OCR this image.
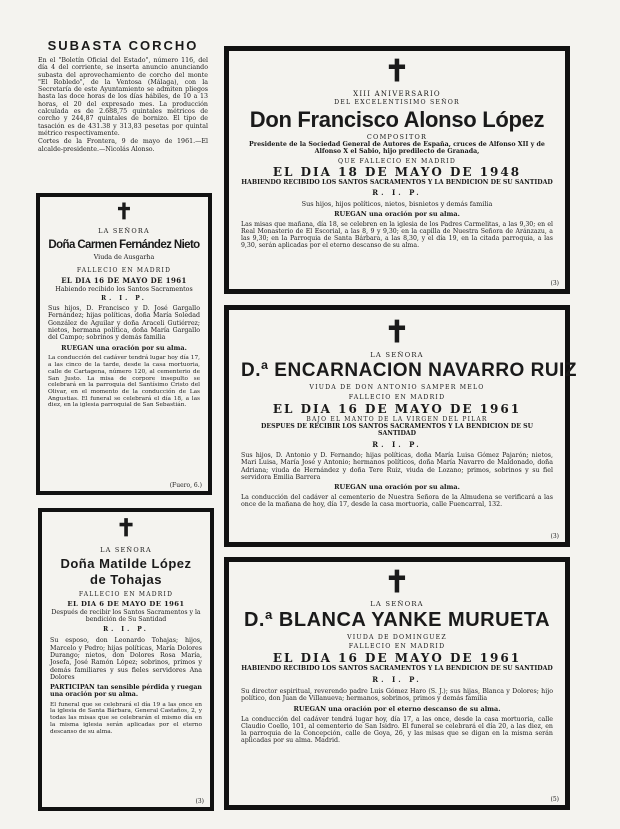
SUBASTA CORCHO
En el "Boletín Oficial del Estado", número 116, del día 4 del corriente, se inserta anuncio anunciando subasta del aprovechamiento de corcho del monte "El Robledo", de la Ventosa (Málaga), con la Secretaría de este Ayuntamiento se admiten pliegos hasta las doce horas de los días hábiles, de 10 a 13 horas, el 20 del expresado mes. La producción calculada es de 2.688,75 quintales métricos de corcho y 244,87 quintales de bornizo. El tipo de tasación es de 431.38 y 313,83 pesetas por quintal métrico respectivamente.
Cortes de la Frontera, 9 de mayo de 1961.—El alcalde-presidente.—Nicolás Alonso.
✝
LA SEÑORA
Doña Carmen Fernández Nieto
Viuda de Ausgarha
FALLECIO EN MADRID
EL DIA 16 DE MAYO DE 1961
Habiendo recibido los Santos Sacramentos
R. I. P.
Sus hijos, D. Francisco y D. José Gargallo Fernández; hijas políticas, doña María Soledad González de Aguilar y doña Araceli Gutiérrez; nietos, hermana política, doña María Gargallo del Campo; sobrinos y demás familia
RUEGAN una oración por su alma.
La conducción del cadáver tendrá lugar hoy día 17, a las cinco de la tarde, desde la casa mortuoria, calle de Cartagena, número 120, al cementerio de San Justo. La misa de corpore insepulto se celebrará en la parroquia del Santísimo Cristo del Olivar, en el momento de la conducción de Las Angustias. El funeral se celebrará el día 18, a las diez, en la iglesia parroquial de San Sebastián.
(Fuero, 6.)
✝
LA SEÑORA
Doña Matilde López
de Tohajas
FALLECIO EN MADRID
EL DIA 6 DE MAYO DE 1961
Después de recibir los Santos Sacramentos y la bendición de Su Santidad
R. I. P.
Su esposo, don Leonardo Tohajas; hijos, Marcelo y Pedro; hijas políticas, María Dolores Durango; nietos, don Dolores Rosa María, Josefa, José Ramón López; sobrinos, primos y demás familiares y sus fieles servidores Ana Dolores
PARTICIPAN tan sensible pérdida y ruegan una oración por su alma.
El funeral que se celebrará el día 19 a las once en la iglesia de Santa Bárbara, General Castaños, 2, y todas las misas que se celebrarán el mismo día en la misma iglesia serán aplicadas por el eterno descanso de su alma.
(3)
✝
XIII ANIVERSARIO
DEL EXCELENTISIMO SEÑOR
Don Francisco Alonso López
COMPOSITOR
Presidente de la Sociedad General de Autores de España, cruces de Alfonso XII y de Alfonso X el Sabio, hijo predilecto de Granada,
QUE FALLECIO EN MADRID
EL DIA 18 DE MAYO DE 1948
HABIENDO RECIBIDO LOS SANTOS SACRAMENTOS Y LA BENDICION DE SU SANTIDAD
R. I. P.
Sus hijos, hijos políticos, nietos, bisnietos y demás familia
RUEGAN una oración por su alma.
Las misas que mañana, día 18, se celebren en la iglesia de los Padres Carmelitas, a las 9,30; en el Real Monasterio de El Escorial, a las 8, 9 y 9,30; en la capilla de Nuestra Señora de Aránzazu, a las 9,30; en la Parroquia de Santa Bárbara, a las 8,30, y el día 19, en la citada parroquia, a las 9,30, serán aplicadas por el eterno descanso de su alma.
(3)
✝
LA SEÑORA
D.ª ENCARNACION NAVARRO RUIZ
VIUDA DE DON ANTONIO SAMPER MELO
FALLECIO EN MADRID
EL DIA 16 DE MAYO DE 1961
BAJO EL MANTO DE LA VIRGEN DEL PILAR
DESPUES DE RECIBIR LOS SANTOS SACRAMENTOS Y LA BENDICION DE SU SANTIDAD
R. I. P.
Sus hijos, D. Antonio y D. Fernando; hijas políticas, doña María Luisa Gómez Pajarón; nietos, Mari Luisa, María José y Antonio; hermanos políticos, doña María Navarro de Maldonado, doña Adriana; viuda de Hernández y doña Tere Ruiz, viuda de Lozano; primos, sobrinos y su fiel servidora Emilia Barrera
RUEGAN una oración por su alma.
La conducción del cadáver al cementerio de Nuestra Señora de la Almudena se verificará a las once de la mañana de hoy, día 17, desde la casa mortuoria, calle Fuencarral, 132.
(3)
✝
LA SEÑORA
D.ª BLANCA YANKE MURUETA
VIUDA DE DOMINGUEZ
FALLECIO EN MADRID
EL DIA 16 DE MAYO DE 1961
HABIENDO RECIBIDO LOS SANTOS SACRAMENTOS Y LA BENDICION DE SU SANTIDAD
R. I. P.
Su director espiritual, reverendo padre Luis Gómez Haro (S. J.); sus hijas, Blanca y Dolores; hijo político, don Juan de Villanueva; hermanos, sobrinos, primos y demás familia
RUEGAN una oración por el eterno descanso de su alma.
La conducción del cadáver tendrá lugar hoy, día 17, a las once, desde la casa mortuoria, calle Claudio Coello, 101, al cementerio de San Isidro. El funeral se celebrará el día 20, a las diez, en la parroquia de la Concepción, calle de Goya, 26, y las misas que se digan en la misma serán aplicadas por su alma. Madrid.
(5)
